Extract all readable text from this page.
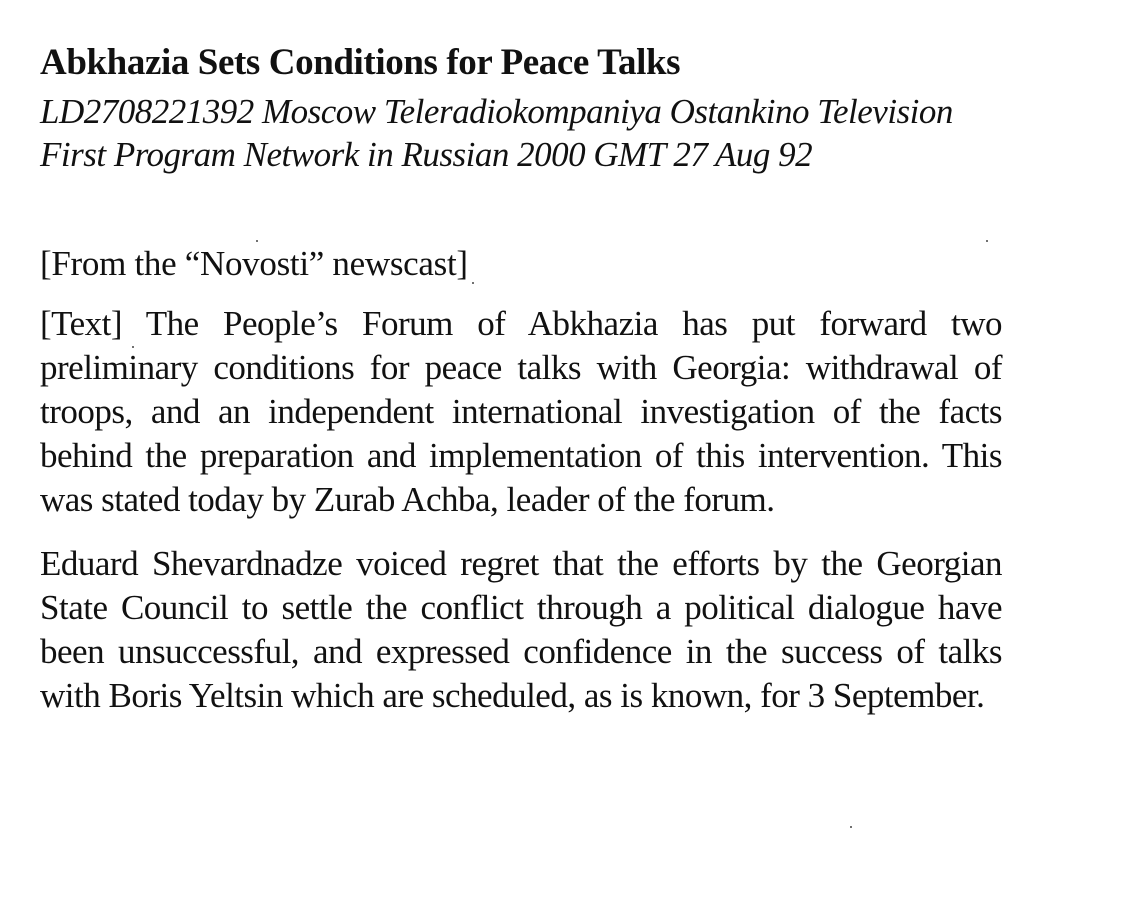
Abkhazia Sets Conditions for Peace Talks

LD2708221392 Moscow Teleradiokompaniya Ostankino Television First Program Network in Russian 2000 GMT 27 Aug 92

[From the “Novosti” newscast]

[Text] The People’s Forum of Abkhazia has put forward two preliminary conditions for peace talks with Georgia: withdrawal of troops, and an independent international investigation of the facts behind the preparation and implementation of this intervention. This was stated today by Zurab Achba, leader of the forum.

Eduard Shevardnadze voiced regret that the efforts by the Georgian State Council to settle the conflict through a political dialogue have been unsuccessful, and expressed confidence in the success of talks with Boris Yeltsin which are scheduled, as is known, for 3 September.
